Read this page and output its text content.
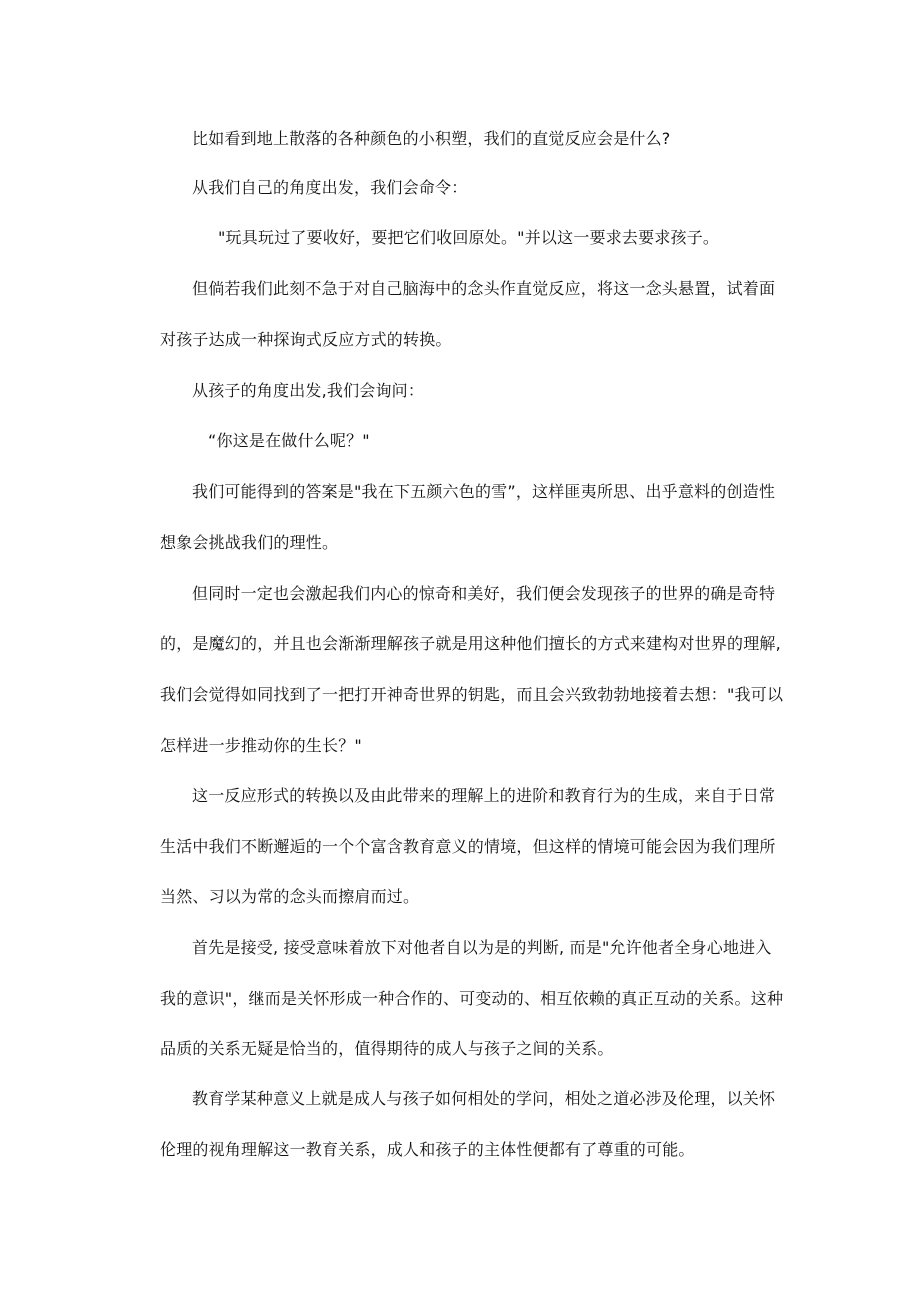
比如看到地上散落的各种颜色的小积塑，我们的直觉反应会是什么?
从我们自己的角度出发，我们会命令：
"玩具玩过了要收好，要把它们收回原处。"并以这一要求去要求孩子。
但倘若我们此刻不急于对自己脑海中的念头作直觉反应，将这一念头悬置，试着面
对孩子达成一种探询式反应方式的转换。
从孩子的角度出发,我们会询问：
“你这是在做什么呢？"
我们可能得到的答案是"我在下五颜六色的雪”，这样匪夷所思、出乎意料的创造性
想象会挑战我们的理性。
但同时一定也会激起我们内心的惊奇和美好，我们便会发现孩子的世界的确是奇特
的，是魔幻的，并且也会渐渐理解孩子就是用这种他们擅长的方式来建构对世界的理解,
我们会觉得如同找到了一把打开神奇世界的钥匙，而且会兴致勃勃地接着去想："我可以
怎样进一步推动你的生长？"
这一反应形式的转换以及由此带来的理解上的进阶和教育行为的生成，来自于日常
生活中我们不断邂逅的一个个富含教育意义的情境，但这样的情境可能会因为我们理所
当然、习以为常的念头而擦肩而过。
首先是接受, 接受意味着放下对他者自以为是的判断, 而是"允许他者全身心地进入
我的意识"，继而是关怀形成一种合作的、可变动的、相互依赖的真正互动的关系。这种
品质的关系无疑是恰当的，值得期待的成人与孩子之间的关系。
教育学某种意义上就是成人与孩子如何相处的学问，相处之道必涉及伦理，以关怀
伦理的视角理解这一教育关系，成人和孩子的主体性便都有了尊重的可能。
